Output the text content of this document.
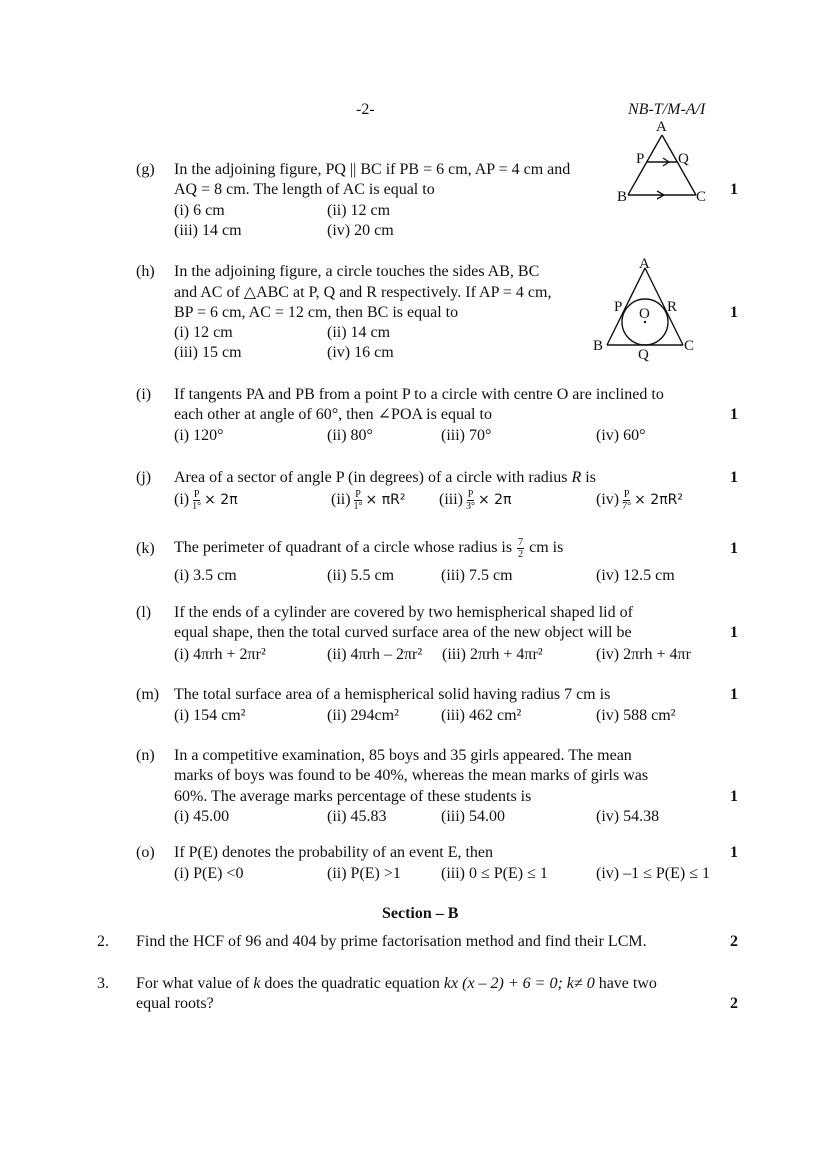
-2-	NB-T/M-A/I
(g) In the adjoining figure, PQ || BC if PB = 6 cm, AP = 4 cm and
AQ = 8 cm. The length of AC is equal to
(i) 6 cm	(ii) 12 cm
(iii) 14 cm	(iv) 20 cm
1
A
P Q
B	C
(h) In the adjoining figure, a circle touches the sides AB, BC
and AC of △ABC at P, Q and R respectively. If AP = 4 cm,
BP = 6 cm, AC = 12 cm, then BC is equal to
(i) 12 cm	(ii) 14 cm
(iii) 15 cm	(iv) 16 cm
1
A
P O R
B
Q
C
(i) If tangents PA and PB from a point P to a circle with centre O are inclined to
each other at angle of 60°, then ∠POA is equal to
(i) 120°	(ii) 80°	(iii) 70°	(iv) 60°
1
(j) Area of a sector of angle P (in degrees) of a circle with radius R is	1
$(i) \frac{P}{1^\circ} \times 2\pi$	$(ii) \frac{P}{1^\circ} \times \pi R^2$ $(iii) \frac{P}{3^\circ} \times 2\pi$	$(iv) \frac{P}{7^\circ} \times 2\pi R^2$
(k) The perimeter of quadrant of a circle whose radius is $\frac{7}{2}$ cm is	1
(i) 3.5 cm	(ii) 5.5 cm	(iii) 7.5 cm	(iv) 12.5 cm
(l) If the ends of a cylinder are covered by two hemispherical shaped lid of
equal shape, then the total curved surface area of the new object will be	1
(i) 4πrh + 2πr²	(ii) 4πrh – 2πr² (iii) 2πrh + 4πr²	(iv) 2πrh + 4πr
(m) The total surface area of a hemispherical solid having radius 7 cm is	1
(i) 154 cm²	(ii) 294cm²	(iii) 462 cm²	(iv) 588 cm²
(n) In a competitive examination, 85 boys and 35 girls appeared. The mean
marks of boys was found to be 40%, whereas the mean marks of girls was
60%. The average marks percentage of these students is	1
(i) 45.00	(ii) 45.83	(iii) 54.00	(iv) 54.38
(o) If P(E) denotes the probability of an event E, then	1
(i) P(E) <0	(ii) P(E) >1	(iii) 0 ≤ P(E) ≤ 1	(iv) –1 ≤ P(E) ≤ 1
Section – B
2. Find the HCF of 96 and 404 by prime factorisation method and find their LCM.	2
3. For what value of k does the quadratic equation kx (x – 2) + 6 = 0; k≠ 0 have two
equal roots?	2
